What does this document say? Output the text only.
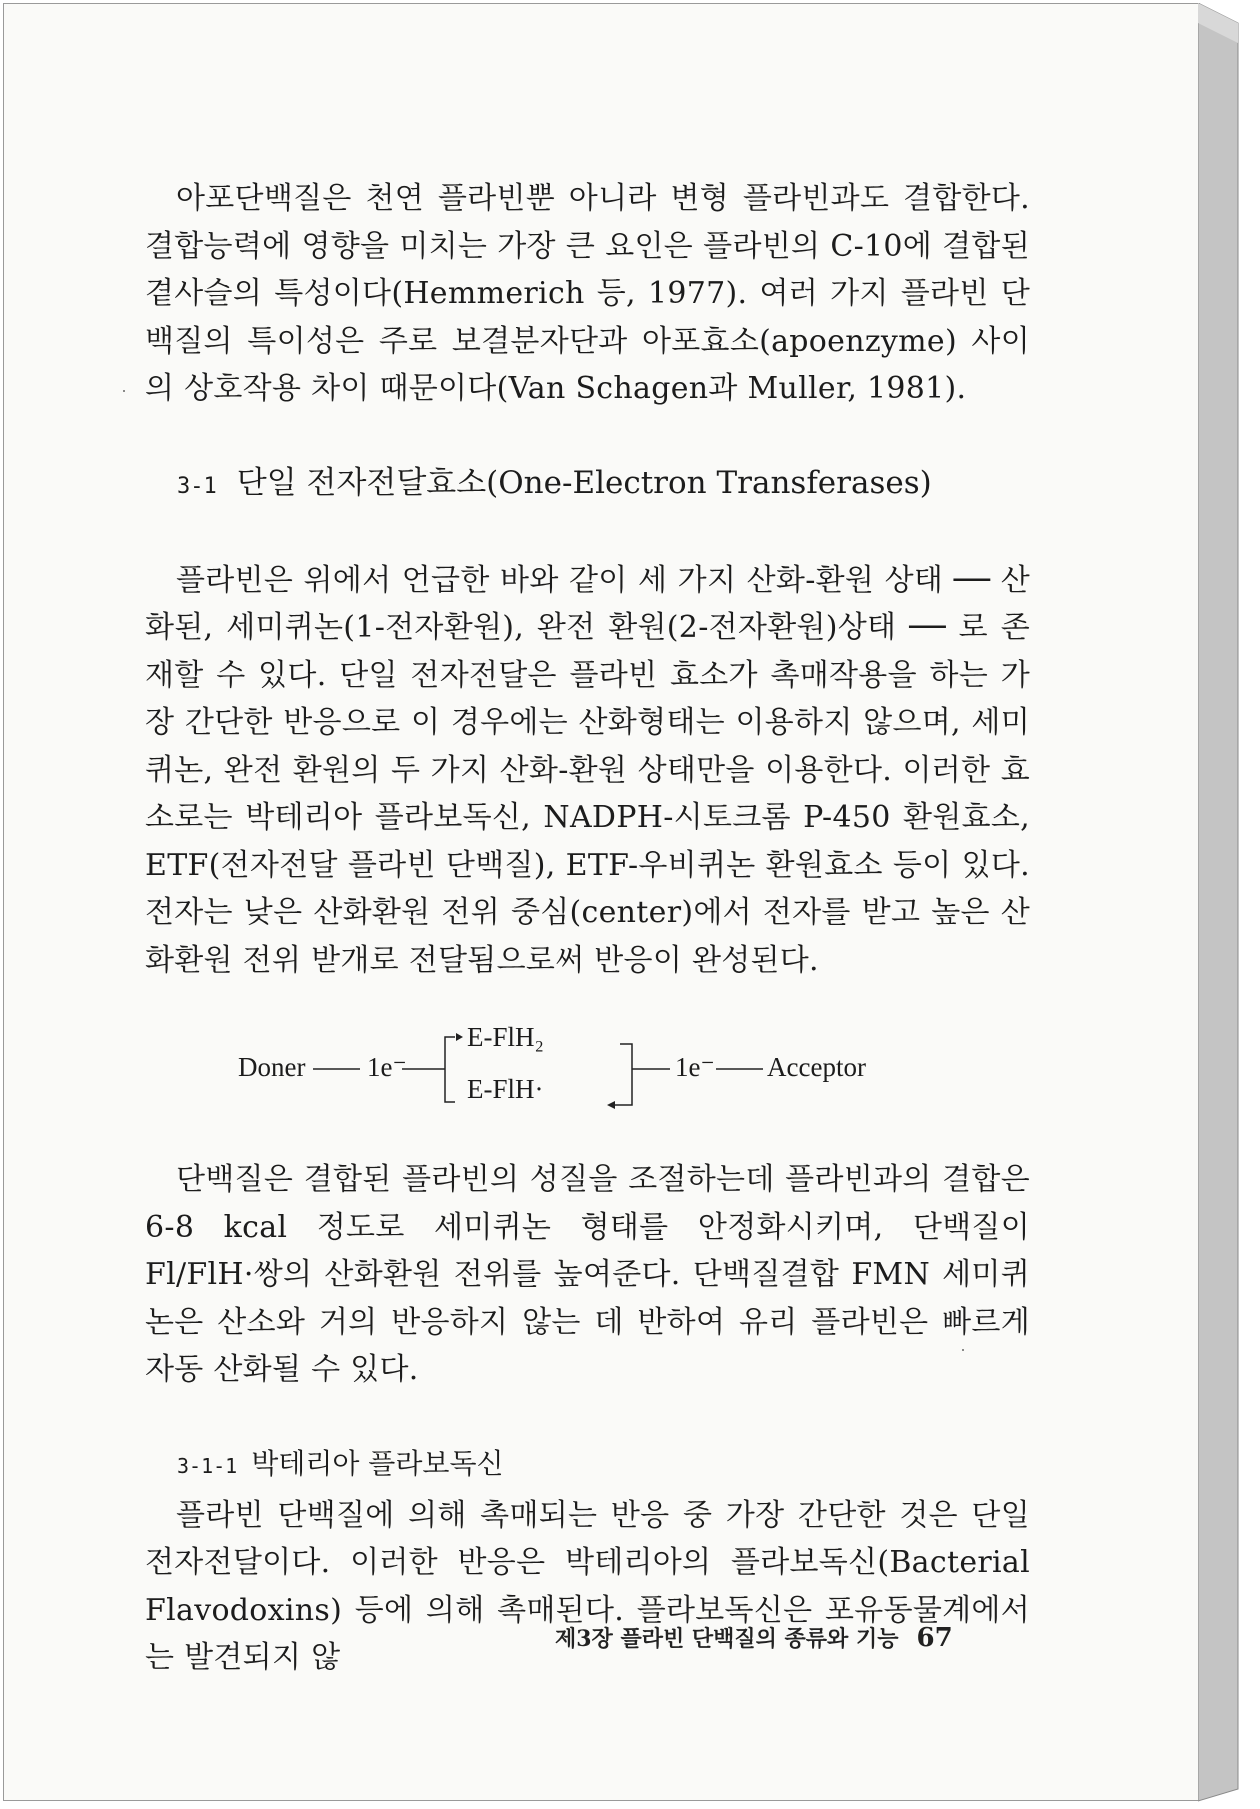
아포단백질은 천연 플라빈뿐 아니라 변형 플라빈과도 결합한다. 결합능력에 영향을 미치는 가장 큰 요인은 플라빈의 C-10에 결합된 곁사슬의 특성이다(Hemmerich 등, 1977). 여러 가지 플라빈 단백질의 특이성은 주로 보결분자단과 아포효소(apoenzyme) 사이의 상호작용 차이 때문이다(Van Schagen과 Muller, 1981).

3-1 단일 전자전달효소(One-Electron Transferases)

플라빈은 위에서 언급한 바와 같이 세 가지 산화-환원 상태 ── 산화된, 세미퀴논(1-전자환원), 완전 환원(2-전자환원)상태 ── 로 존재할 수 있다. 단일 전자전달은 플라빈 효소가 촉매작용을 하는 가장 간단한 반응으로 이 경우에는 산화형태는 이용하지 않으며, 세미퀴논, 완전 환원의 두 가지 산화-환원 상태만을 이용한다. 이러한 효소로는 박테리아 플라보독신, NADPH-시토크롬 P-450 환원효소, ETF(전자전달 플라빈 단백질), ETF-우비퀴논 환원효소 등이 있다. 전자는 낮은 산화환원 전위 중심(center)에서 전자를 받고 높은 산화환원 전위 받개로 전달됨으로써 반응이 완성된다.

Doner 1e⁻
E-FlH₂
E-FlH·
1e⁻ Acceptor

단백질은 결합된 플라빈의 성질을 조절하는데 플라빈과의 결합은 6-8 kcal 정도로 세미퀴논 형태를 안정화시키며, 단백질이 Fl/FlH·쌍의 산화환원 전위를 높여준다. 단백질결합 FMN 세미퀴논은 산소와 거의 반응하지 않는 데 반하여 유리 플라빈은 빠르게 자동 산화될 수 있다.

3-1-1 박테리아 플라보독신

플라빈 단백질에 의해 촉매되는 반응 중 가장 간단한 것은 단일 전자전달이다. 이러한 반응은 박테리아의 플라보독신(Bacterial Flavodoxins) 등에 의해 촉매된다. 플라보독신은 포유동물계에서는 발견되지 않

제3장 플라빈 단백질의 종류와 기능 67
